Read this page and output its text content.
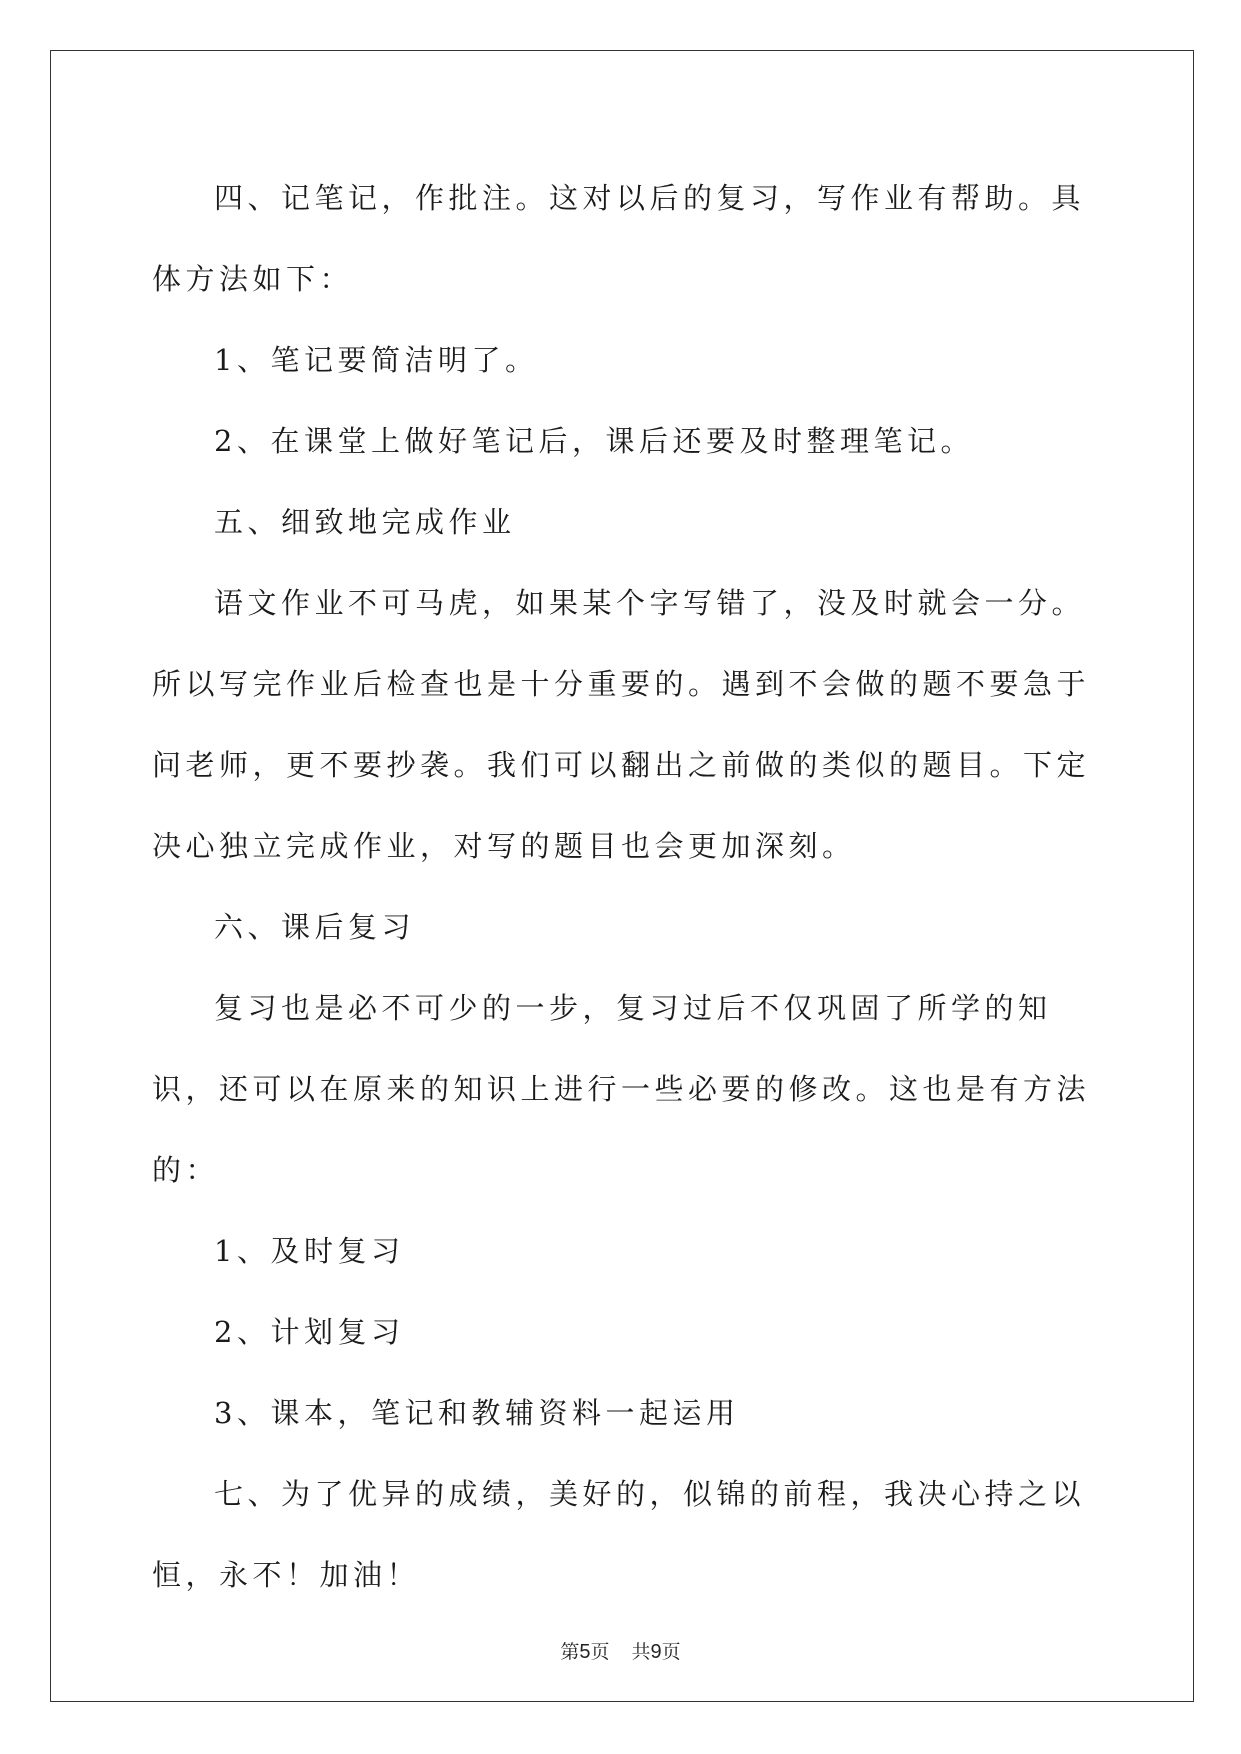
四、记笔记，作批注。这对以后的复习，写作业有帮助。具体方法如下：

1、笔记要简洁明了。

2、在课堂上做好笔记后，课后还要及时整理笔记。

五、细致地完成作业

语文作业不可马虎，如果某个字写错了，没及时就会一分。所以写完作业后检查也是十分重要的。遇到不会做的题不要急于问老师，更不要抄袭。我们可以翻出之前做的类似的题目。下定决心独立完成作业，对写的题目也会更加深刻。

六、课后复习

复习也是必不可少的一步，复习过后不仅巩固了所学的知识，还可以在原来的知识上进行一些必要的修改。这也是有方法的：

1、及时复习

2、计划复习

3、课本，笔记和教辅资料一起运用

七、为了优异的成绩，美好的，似锦的前程，我决心持之以恒，永不！加油！

第5页 共9页
